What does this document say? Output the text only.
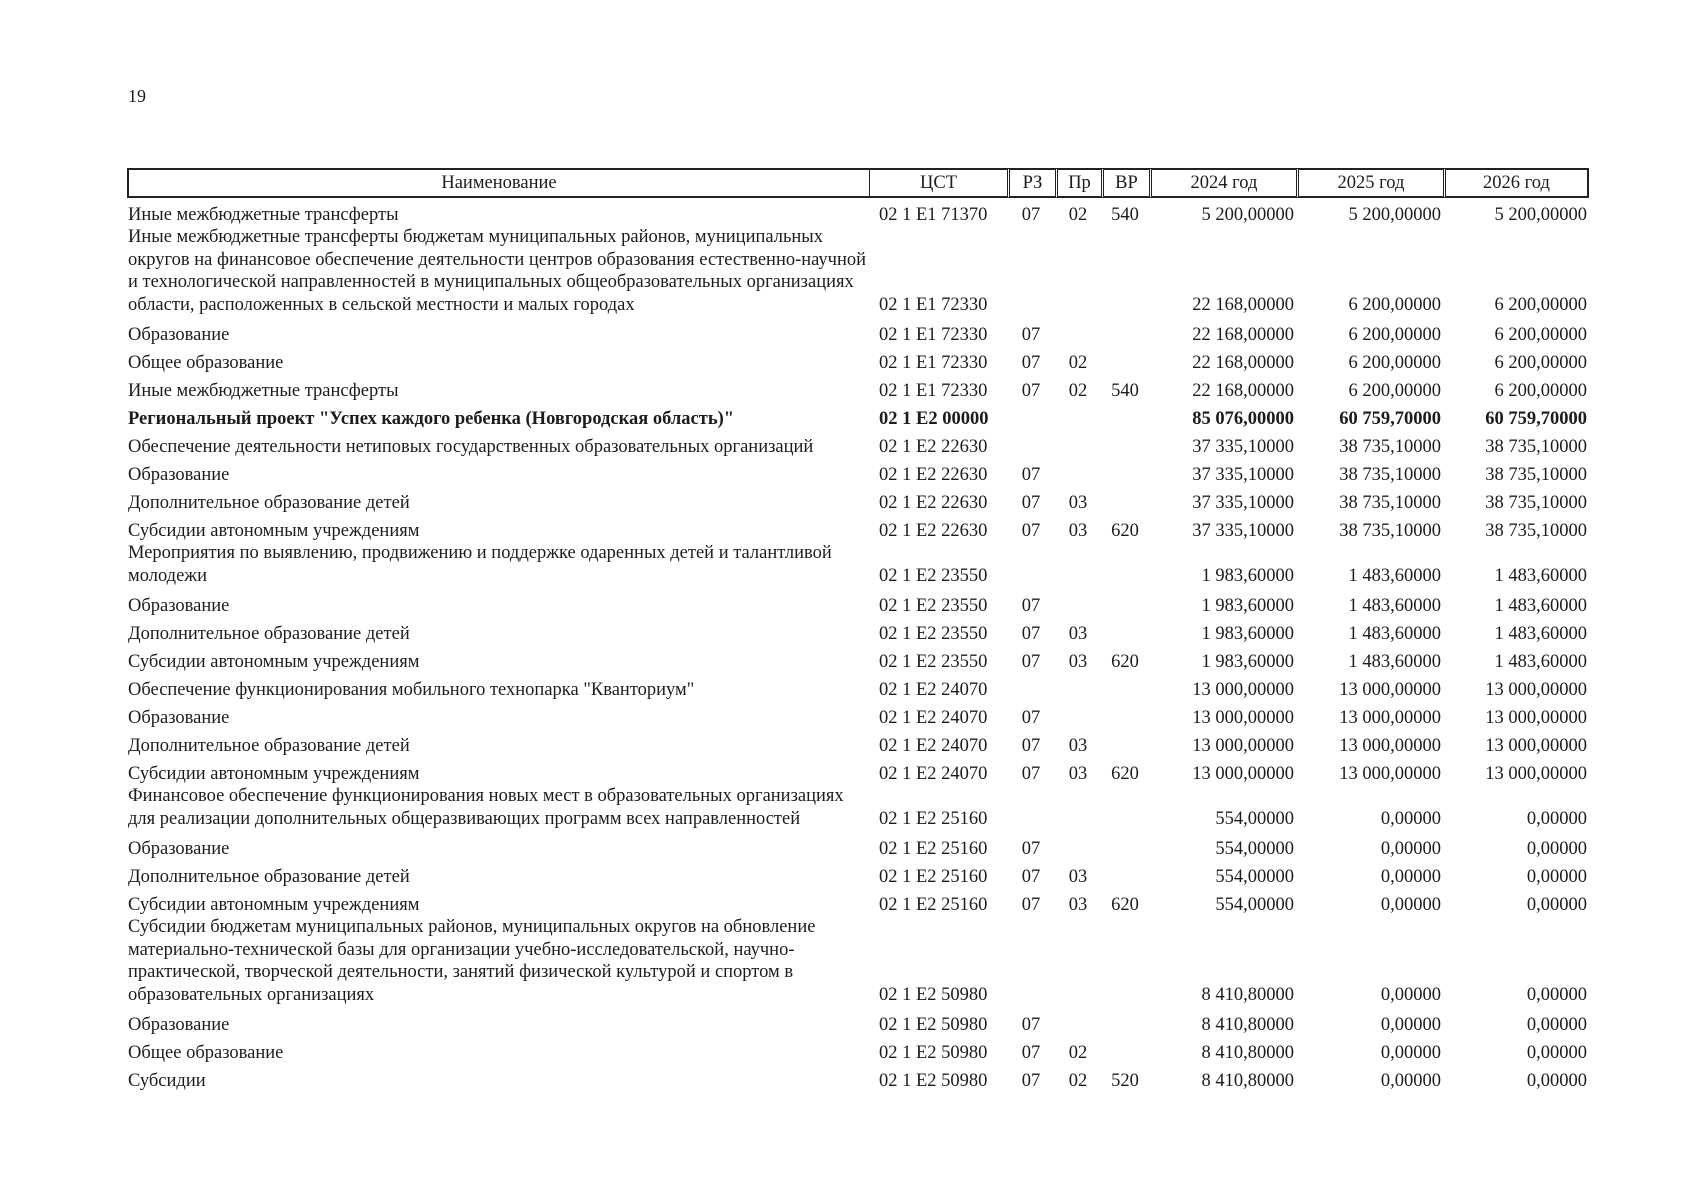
19
Наименование	ЦСТ	РЗ	Пр	ВР	2024 год	2025 год	2026 год
Иные межбюджетные трансферты	02 1 E1 71370	07	02	540	5 200,00000	5 200,00000	5 200,00000
Иные межбюджетные трансферты бюджетам муниципальных районов, муниципальных округов на финансовое обеспечение деятельности центров образования естественно-научной и технологической направленностей в муниципальных общеобразовательных организациях области, расположенных в сельской местности и малых городах	02 1 E1 72330				22 168,00000	6 200,00000	6 200,00000
Образование	02 1 E1 72330	07			22 168,00000	6 200,00000	6 200,00000
Общее образование	02 1 E1 72330	07	02		22 168,00000	6 200,00000	6 200,00000
Иные межбюджетные трансферты	02 1 E1 72330	07	02	540	22 168,00000	6 200,00000	6 200,00000
Региональный проект "Успех каждого ребенка (Новгородская область)"	02 1 E2 00000				85 076,00000	60 759,70000	60 759,70000
Обеспечение деятельности нетиповых государственных образовательных организаций	02 1 E2 22630				37 335,10000	38 735,10000	38 735,10000
Образование	02 1 E2 22630	07			37 335,10000	38 735,10000	38 735,10000
Дополнительное образование детей	02 1 E2 22630	07	03		37 335,10000	38 735,10000	38 735,10000
Субсидии автономным учреждениям	02 1 E2 22630	07	03	620	37 335,10000	38 735,10000	38 735,10000
Мероприятия по выявлению, продвижению и поддержке одаренных детей и талантливой молодежи	02 1 E2 23550				1 983,60000	1 483,60000	1 483,60000
Образование	02 1 E2 23550	07			1 983,60000	1 483,60000	1 483,60000
Дополнительное образование детей	02 1 E2 23550	07	03		1 983,60000	1 483,60000	1 483,60000
Субсидии автономным учреждениям	02 1 E2 23550	07	03	620	1 983,60000	1 483,60000	1 483,60000
Обеспечение функционирования мобильного технопарка "Кванториум"	02 1 E2 24070				13 000,00000	13 000,00000	13 000,00000
Образование	02 1 E2 24070	07			13 000,00000	13 000,00000	13 000,00000
Дополнительное образование детей	02 1 E2 24070	07	03		13 000,00000	13 000,00000	13 000,00000
Субсидии автономным учреждениям	02 1 E2 24070	07	03	620	13 000,00000	13 000,00000	13 000,00000
Финансовое обеспечение функционирования новых мест в образовательных организациях для реализации дополнительных общеразвивающих программ всех направленностей	02 1 E2 25160				554,00000	0,00000	0,00000
Образование	02 1 E2 25160	07			554,00000	0,00000	0,00000
Дополнительное образование детей	02 1 E2 25160	07	03		554,00000	0,00000	0,00000
Субсидии автономным учреждениям	02 1 E2 25160	07	03	620	554,00000	0,00000	0,00000
Субсидии бюджетам муниципальных районов, муниципальных округов на обновление материально-технической базы для организации учебно-исследовательской, научно-практической, творческой деятельности, занятий физической культурой и спортом в образовательных организациях	02 1 E2 50980				8 410,80000	0,00000	0,00000
Образование	02 1 E2 50980	07			8 410,80000	0,00000	0,00000
Общее образование	02 1 E2 50980	07	02		8 410,80000	0,00000	0,00000
Субсидии	02 1 E2 50980	07	02	520	8 410,80000	0,00000	0,00000
